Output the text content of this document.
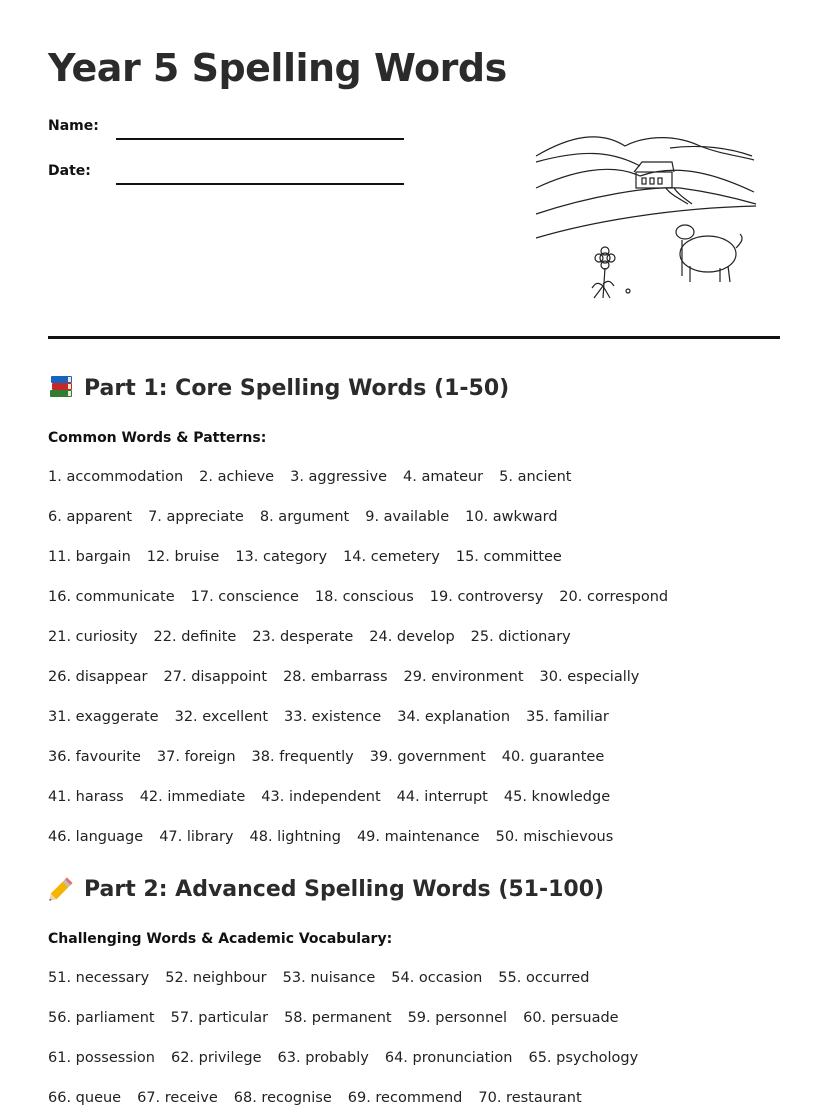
Year 5 Spelling Words
Name:
Date:
Part 1: Core Spelling Words (1-50)
Common Words & Patterns:
1. accommodation 2. achieve 3. aggressive 4. amateur 5. ancient
6. apparent 7. appreciate 8. argument 9. available 10. awkward
11. bargain 12. bruise 13. category 14. cemetery 15. committee
16. communicate 17. conscience 18. conscious 19. controversy 20. correspond
21. curiosity 22. definite 23. desperate 24. develop 25. dictionary
26. disappear 27. disappoint 28. embarrass 29. environment 30. especially
31. exaggerate 32. excellent 33. existence 34. explanation 35. familiar
36. favourite 37. foreign 38. frequently 39. government 40. guarantee
41. harass 42. immediate 43. independent 44. interrupt 45. knowledge
46. language 47. library 48. lightning 49. maintenance 50. mischievous
Part 2: Advanced Spelling Words (51-100)
Challenging Words & Academic Vocabulary:
51. necessary 52. neighbour 53. nuisance 54. occasion 55. occurred
56. parliament 57. particular 58. permanent 59. personnel 60. persuade
61. possession 62. privilege 63. probably 64. pronunciation 65. psychology
66. queue 67. receive 68. recognise 69. recommend 70. restaurant
